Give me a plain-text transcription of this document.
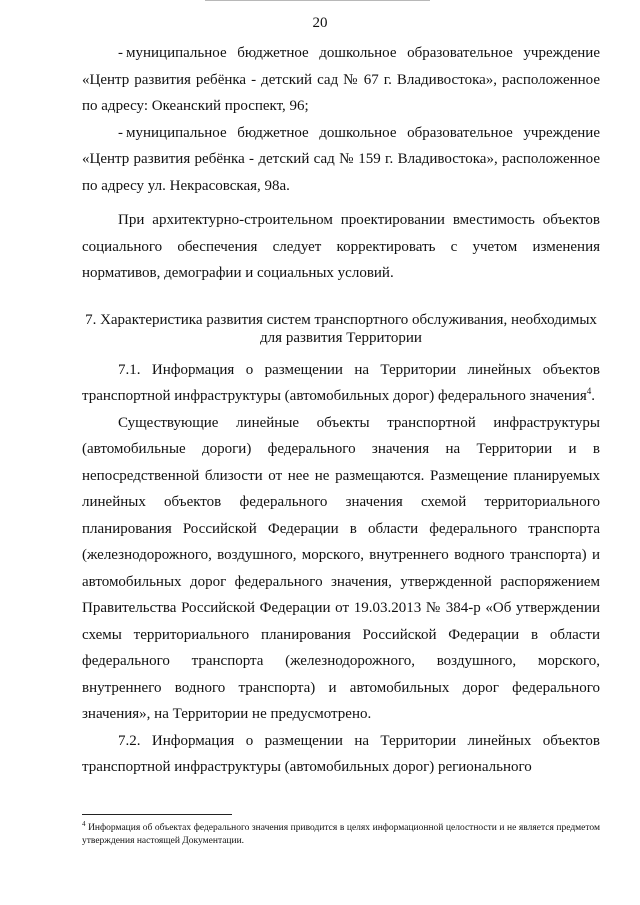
20

- муниципальное бюджетное дошкольное образовательное учреждение «Центр развития ребёнка - детский сад № 67 г. Владивостока», расположенное по адресу: Океанский проспект, 96;

- муниципальное бюджетное дошкольное образовательное учреждение «Центр развития ребёнка - детский сад № 159 г. Владивостока», расположенное по адресу ул. Некрасовская, 98а.

При архитектурно-строительном проектировании вместимость объектов социального обеспечения следует корректировать с учетом изменения нормативов, демографии и социальных условий.

7. Характеристика развития систем транспортного обслуживания, необходимых
для развития Территории

7.1. Информация о размещении на Территории линейных объектов транспортной инфраструктуры (автомобильных дорог) федерального значения$^4$.

Существующие линейные объекты транспортной инфраструктуры (автомобильные дороги) федерального значения на Территории и в непосредственной близости от нее не размещаются. Размещение планируемых линейных объектов федерального значения схемой территориального планирования Российской Федерации в области федерального транспорта (железнодорожного, воздушного, морского, внутреннего водного транспорта) и автомобильных дорог федерального значения, утвержденной распоряжением Правительства Российской Федерации от 19.03.2013 № 384-р «Об утверждении схемы территориального планирования Российской Федерации в области федерального транспорта (железнодорожного, воздушного, морского, внутреннего водного транспорта) и автомобильных дорог федерального значения», на Территории не предусмотрено.

7.2. Информация о размещении на Территории линейных объектов транспортной инфраструктуры (автомобильных дорог) регионального

$^4$ Информация об объектах федерального значения приводится в целях информационной целостности и не является предметом утверждения настоящей Документации.
